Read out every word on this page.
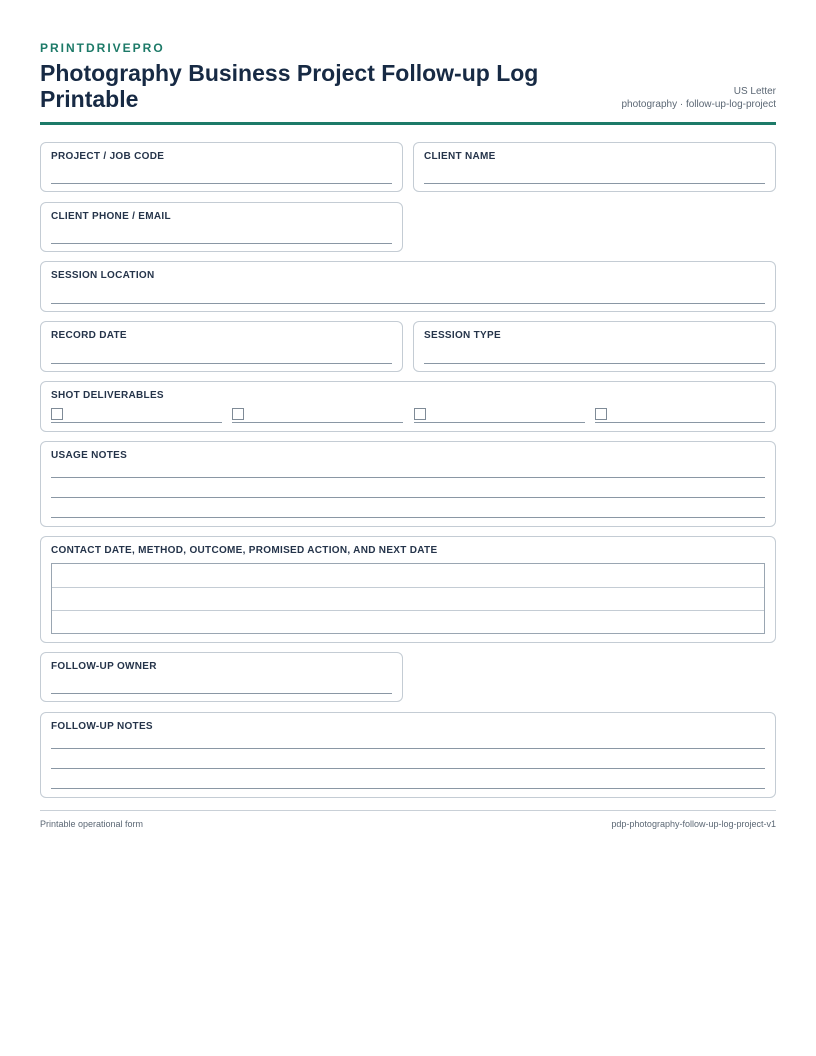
PRINTDRIVEPRO
Photography Business Project Follow-up Log Printable	US Letter
photography · follow-up-log-project
PROJECT / JOB CODE	CLIENT NAME
CLIENT PHONE / EMAIL
SESSION LOCATION
RECORD DATE	SESSION TYPE
SHOT DELIVERABLES
USAGE NOTES
CONTACT DATE, METHOD, OUTCOME, PROMISED ACTION, AND NEXT DATE
FOLLOW-UP OWNER
FOLLOW-UP NOTES
Printable operational form	pdp-photography-follow-up-log-project-v1
